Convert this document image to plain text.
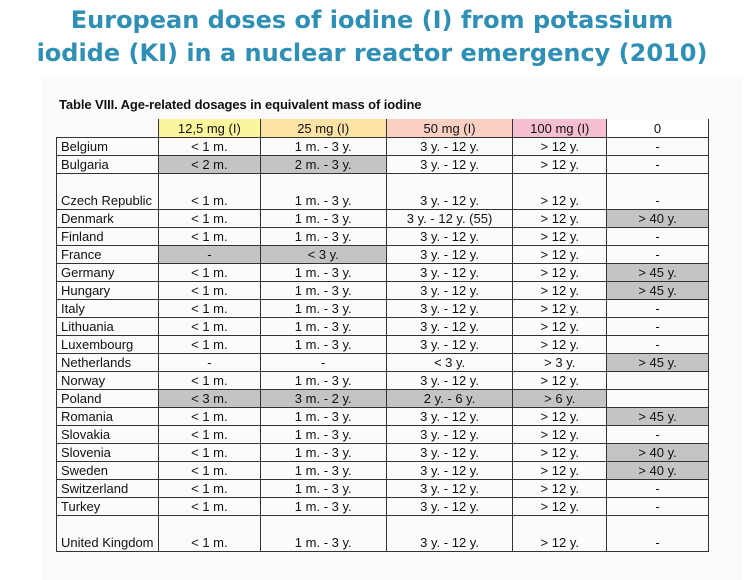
European doses of iodine (I) from potassium
iodide (KI) in a nuclear reactor emergency (2010)
Table VIII. Age-related dosages in equivalent mass of iodine
	12,5 mg (I)	25 mg (I)	50 mg (I)	100 mg (I)	0
Belgium	< 1 m.	1 m. - 3 y.	3 y. - 12 y.	> 12 y.	-
Bulgaria	< 2 m.	2 m. - 3 y.	3 y. - 12 y.	> 12 y.	-
Czech Republic	< 1 m.	1 m. - 3 y.	3 y. - 12 y.	> 12 y.	-
Denmark	< 1 m.	1 m. - 3 y.	3 y. - 12 y. (55)	> 12 y.	> 40 y.
Finland	< 1 m.	1 m. - 3 y.	3 y. - 12 y.	> 12 y.	-
France	-	< 3 y.	3 y. - 12 y.	> 12 y.	-
Germany	< 1 m.	1 m. - 3 y.	3 y. - 12 y.	> 12 y.	> 45 y.
Hungary	< 1 m.	1 m. - 3 y.	3 y. - 12 y.	> 12 y.	> 45 y.
Italy	< 1 m.	1 m. - 3 y.	3 y. - 12 y.	> 12 y.	-
Lithuania	< 1 m.	1 m. - 3 y.	3 y. - 12 y.	> 12 y.	-
Luxembourg	< 1 m.	1 m. - 3 y.	3 y. - 12 y.	> 12 y.	-
Netherlands	-	-	< 3 y.	> 3 y.	> 45 y.
Norway	< 1 m.	1 m. - 3 y.	3 y. - 12 y.	> 12 y.	
Poland	< 3 m.	3 m. - 2 y.	2 y. - 6 y.	> 6 y.	
Romania	< 1 m.	1 m. - 3 y.	3 y. - 12 y.	> 12 y.	> 45 y.
Slovakia	< 1 m.	1 m. - 3 y.	3 y. - 12 y.	> 12 y.	-
Slovenia	< 1 m.	1 m. - 3 y.	3 y. - 12 y.	> 12 y.	> 40 y.
Sweden	< 1 m.	1 m. - 3 y.	3 y. - 12 y.	> 12 y.	> 40 y.
Switzerland	< 1 m.	1 m. - 3 y.	3 y. - 12 y.	> 12 y.	-
Turkey	< 1 m.	1 m. - 3 y.	3 y. - 12 y.	> 12 y.	-
United Kingdom	< 1 m.	1 m. - 3 y.	3 y. - 12 y.	> 12 y.	-
